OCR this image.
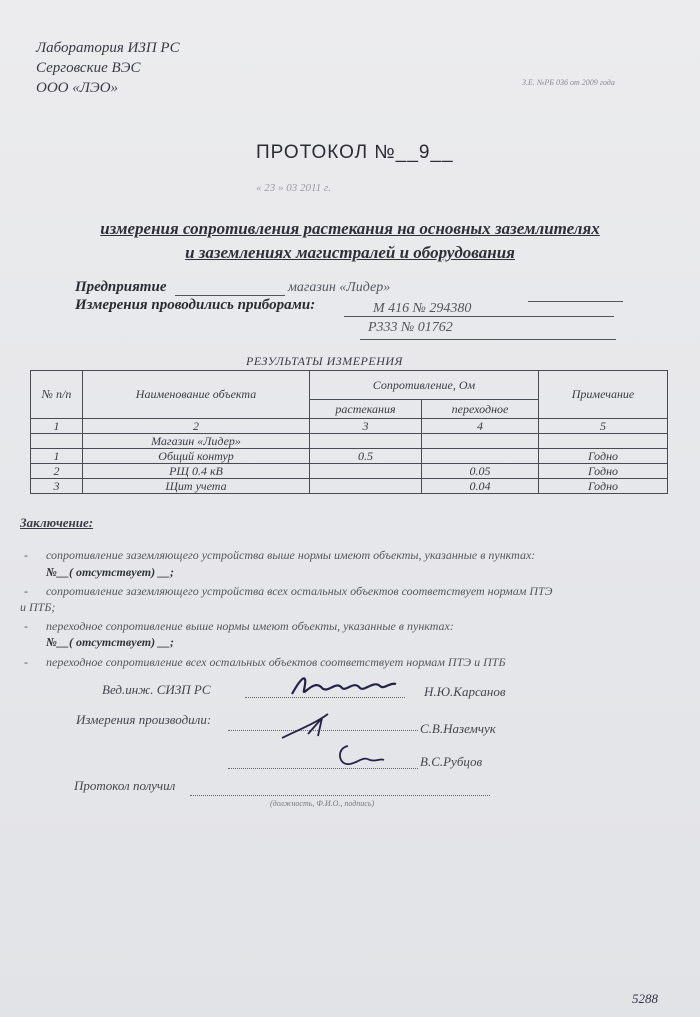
Лаборатория ИЗП РС
Серговские ВЭС
ООО «ЛЭО»	З.Е. №РБ 036 от 2009 года
ПРОТОКОЛ №__9__
« 23 » 03 2011 г.
измерения сопротивления растекания на основных заземлителях
и заземлениях магистралей и оборудования
Предприятие	магазин «Лидер»
Измерения проводились приборами:	М 416 № 294380
Р333 № 01762
РЕЗУЛЬТАТЫ ИЗМЕРЕНИЯ
№ п/п	Наименование объекта	Сопротивление, Ом		Примечание
		растекания	переходное	
1	2	3	4	5
	Магазин «Лидер»			
1	Общий контур	0.5		Годно
2	РЩ 0.4 кВ		0.05	Годно
3	Щит учета		0.04	Годно
Заключение:
- сопротивление заземляющего устройства выше нормы имеют объекты, указанные в пунктах:
№__( отсутствует) __;
- сопротивление заземляющего устройства всех остальных объектов соответствует нормам ПТЭ
и ПТБ;
- переходное сопротивление выше нормы имеют объекты, указанные в пунктах:
№__( отсутствует) __;
- переходное сопротивление всех остальных объектов соответствует нормам ПТЭ и ПТБ
Вед.инж. СИЗП РС	Н.Ю.Карсанов
Измерения производили:
С.В.Наземчук
В.С.Рубцов
Протокол получил
(должность, Ф.И.О., подпись)
5288
